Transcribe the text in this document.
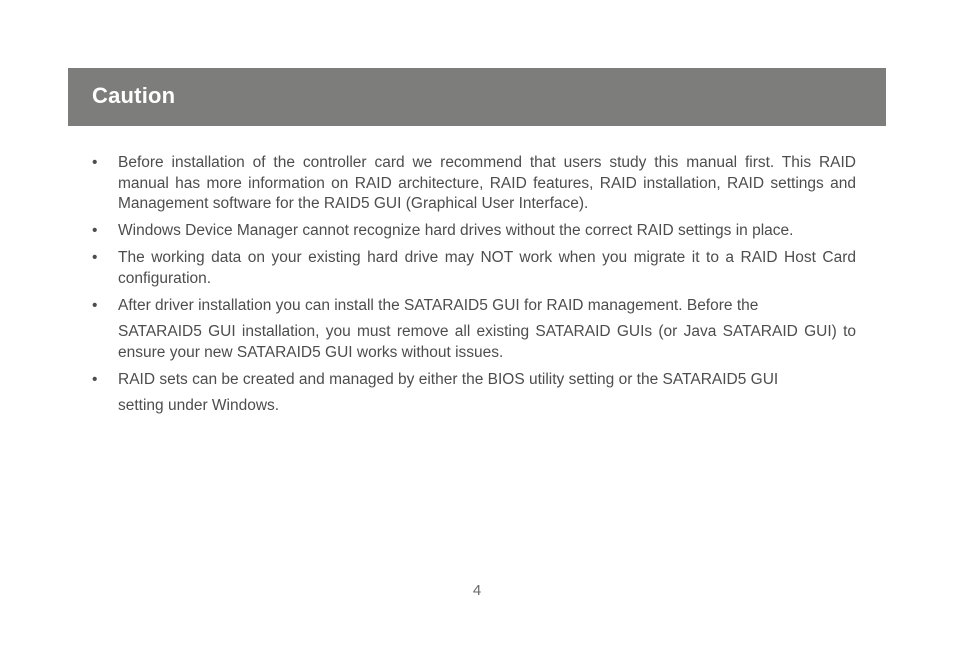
Caution
•	Before installation of the controller card we recommend that users study this manual first. This RAID manual has more information on RAID architecture, RAID features, RAID installation, RAID settings and Management software for the RAID5 GUI (Graphical User Interface).
•	Windows Device Manager cannot recognize hard drives without the correct RAID settings in place.
•	The working data on your existing hard drive may NOT work when you migrate it to a RAID Host Card configuration.
•	After driver installation you can install the SATARAID5 GUI for RAID management. Before the
SATARAID5 GUI installation, you must remove all existing SATARAID GUIs (or Java SATARAID GUI) to ensure your new SATARAID5 GUI works without issues.
•	RAID sets can be created and managed by either the BIOS utility setting or the SATARAID5 GUI
setting under Windows.
4
